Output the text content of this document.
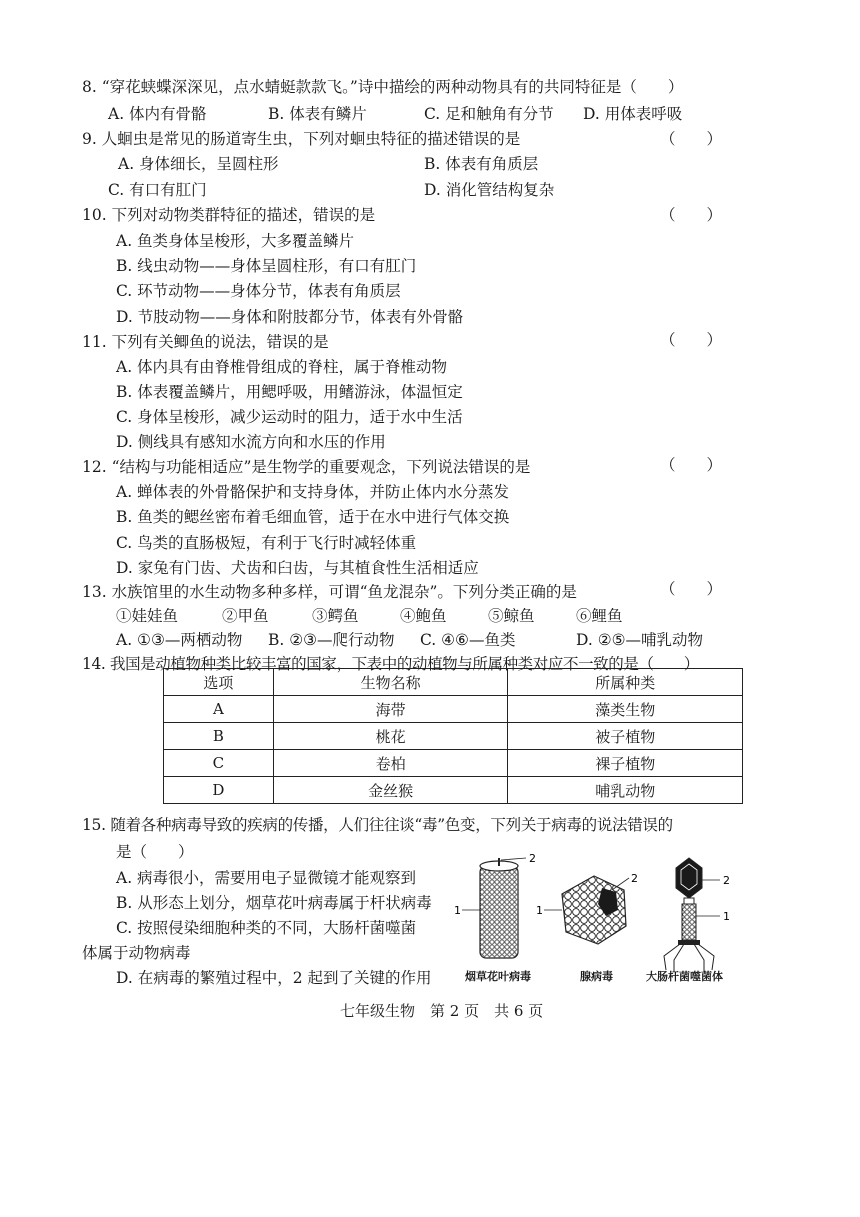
8. “穿花蛱蝶深深见，点水蜻蜓款款飞。”诗中描绘的两种动物具有的共同特征是（　　）
A. 体内有骨骼	B. 体表有鳞片	C. 足和触角有分节 D. 用体表呼吸
9. 人蛔虫是常见的肠道寄生虫，下列对蛔虫特征的描述错误的是	（　　）
A. 身体细长，呈圆柱形	B. 体表有角质层
C. 有口有肛门	D. 消化管结构复杂
10. 下列对动物类群特征的描述，错误的是	（　　）
A. 鱼类身体呈梭形，大多覆盖鳞片
B. 线虫动物——身体呈圆柱形，有口有肛门
C. 环节动物——身体分节，体表有角质层
D. 节肢动物——身体和附肢都分节，体表有外骨骼
11. 下列有关鲫鱼的说法，错误的是	（　　）
A. 体内具有由脊椎骨组成的脊柱，属于脊椎动物
B. 体表覆盖鳞片，用鳃呼吸，用鳍游泳，体温恒定
C. 身体呈梭形，减少运动时的阻力，适于水中生活
D. 侧线具有感知水流方向和水压的作用
12. “结构与功能相适应”是生物学的重要观念，下列说法错误的是	（　　）
A. 蝉体表的外骨骼保护和支持身体，并防止体内水分蒸发
B. 鱼类的鳃丝密布着毛细血管，适于在水中进行气体交换
C. 鸟类的直肠极短，有利于飞行时减轻体重
D. 家兔有门齿、犬齿和臼齿，与其植食性生活相适应
13. 水族馆里的水生动物多种多样，可谓“鱼龙混杂”。下列分类正确的是	（　　）
①娃娃鱼	②甲鱼	③鳄鱼	④鲍鱼	⑤鲸鱼	⑥鲤鱼
A. ①③—两栖动物 B. ②③—爬行动物 C. ④⑥—鱼类	D. ②⑤—哺乳动物
14. 我国是动植物种类比较丰富的国家，下表中的动植物与所属种类对应不一致的是（　　）
选项	生物名称	所属种类
A	海带	藻类生物
B	桃花	被子植物
C	卷柏	裸子植物
D	金丝猴	哺乳动物
15. 随着各种病毒导致的疾病的传播，人们往往谈“毒”色变，下列关于病毒的说法错误的
是（　　）
A. 病毒很小，需要用电子显微镜才能观察到
B. 从形态上划分，烟草花叶病毒属于杆状病毒
C. 按照侵染细胞种类的不同，大肠杆菌噬菌
体属于动物病毒
D. 在病毒的繁殖过程中，2 起到了关键的作用
2
1
2
1
2
1
烟草花叶病毒	腺病毒	大肠杆菌噬菌体
七年级生物　第 2 页　共 6 页
